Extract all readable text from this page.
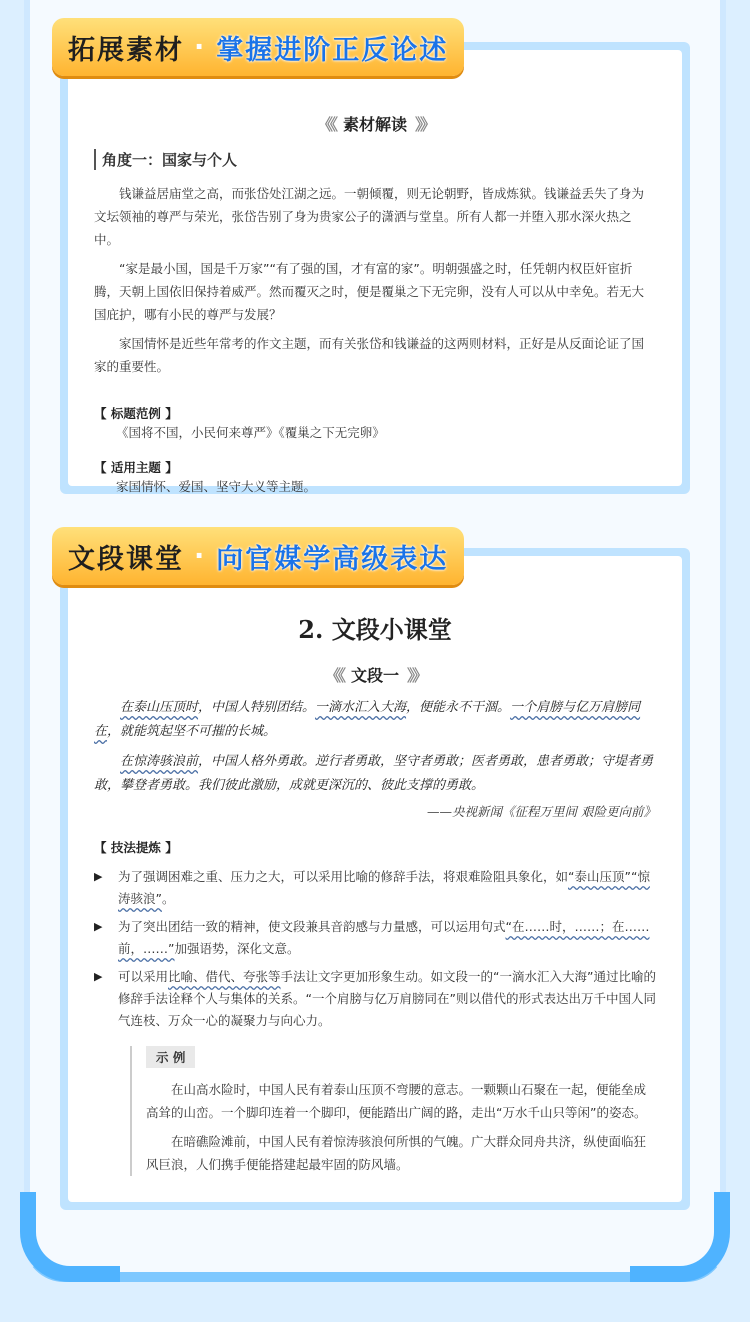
《《 素材解读 》》
角度一：国家与个人

钱谦益居庙堂之高，而张岱处江湖之远。一朝倾覆，则无论朝野，皆成炼狱。钱谦益丢失了身为文坛领袖的尊严与荣光，张岱告别了身为贵家公子的潇洒与堂皇。所有人都一并堕入那水深火热之中。

“家是最小国，国是千万家”“有了强的国，才有富的家”。明朝强盛之时，任凭朝内权臣奸宦折腾，天朝上国依旧保持着威严。然而覆灭之时，便是覆巢之下无完卵，没有人可以从中幸免。若无大国庇护，哪有小民的尊严与发展？

家国情怀是近些年常考的作文主题，而有关张岱和钱谦益的这两则材料，正好是从反面论证了国家的重要性。

【 标题范例 】
《国将不国，小民何来尊严》《覆巢之下无完卵》
【 适用主题 】
家国情怀、爱国、坚守大义等主题。
拓展素材 · 掌握进阶正反论述
2. 文段小课堂
《《 文段一 》》

在泰山压顶时，中国人特别团结。一滴水汇入大海，便能永不干涸。一个肩膀与亿万肩膀同在，就能筑起坚不可摧的长城。

在惊涛骇浪前，中国人格外勇敢。逆行者勇敢，坚守者勇敢；医者勇敢，患者勇敢；守堤者勇敢，攀登者勇敢。我们彼此激励，成就更深沉的、彼此支撑的勇敢。

——央视新闻《征程万里间 艰险更向前》
【 技法提炼 】
▶	为了强调困难之重、压力之大，可以采用比喻的修辞手法，将艰难险阻具象化，如“泰山压顶”“惊涛骇浪”。
▶	为了突出团结一致的精神，使文段兼具音韵感与力量感，可以运用句式“在……时，……；在……前，……”加强语势，深化文意。
▶	可以采用比喻、借代、夸张等手法让文字更加形象生动。如文段一的“一滴水汇入大海”通过比喻的修辞手法诠释个人与集体的关系。“一个肩膀与亿万肩膀同在”则以借代的形式表达出万千中国人同气连枝、万众一心的凝聚力与向心力。
示 例

在山高水险时，中国人民有着泰山压顶不弯腰的意志。一颗颗山石聚在一起，便能垒成高耸的山峦。一个脚印连着一个脚印，便能踏出广阔的路，走出“万水千山只等闲”的姿态。

在暗礁险滩前，中国人民有着惊涛骇浪何所惧的气魄。广大群众同舟共济，纵使面临狂风巨浪，人们携手便能搭建起最牢固的防风墙。

文段课堂 · 向官媒学高级表达
